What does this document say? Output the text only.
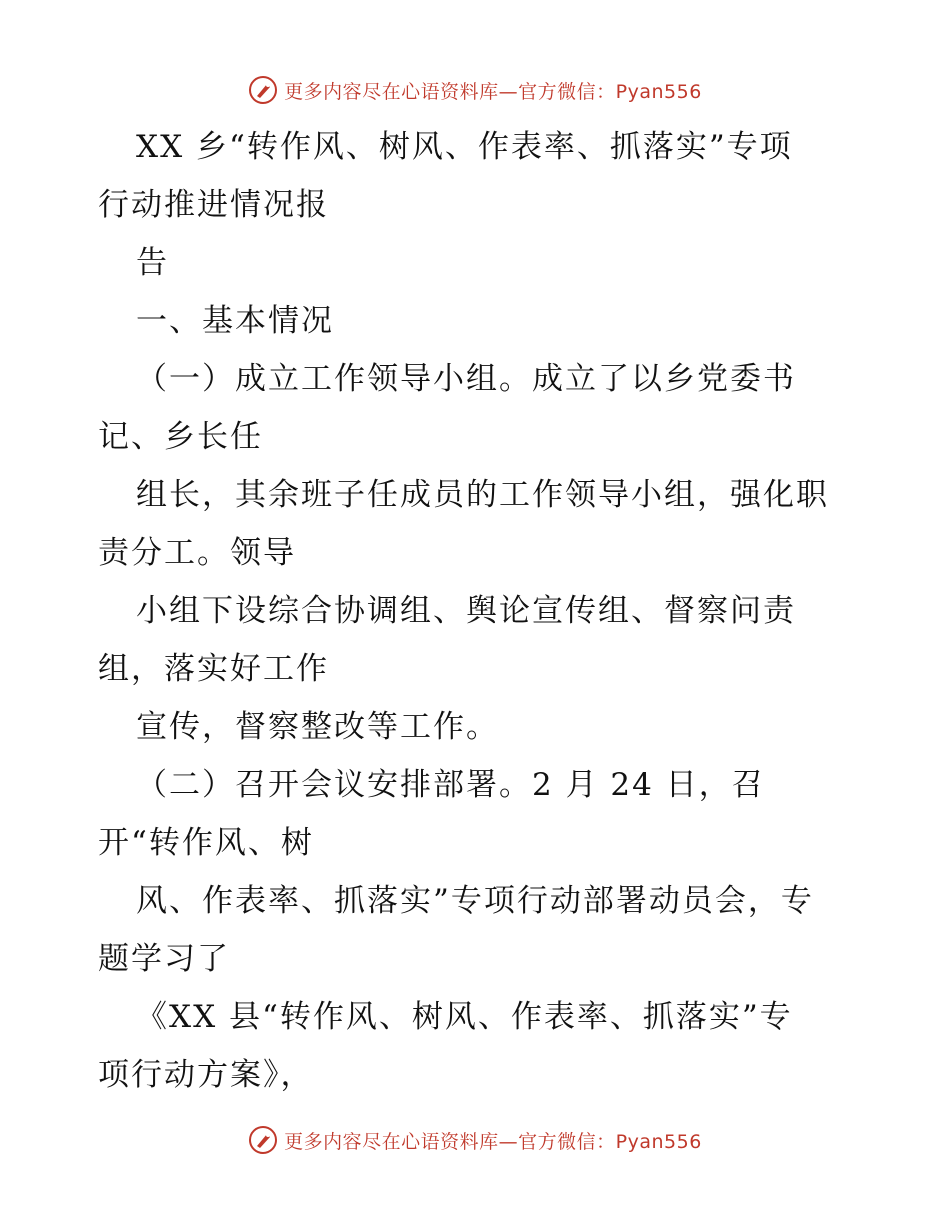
更多内容尽在心语资料库—官方微信：Pyan556
XX 乡“转作风、树风、作表率、抓落实”专项
行动推进情况报
告
一、基本情况
（一）成立工作领导小组。成立了以乡党委书
记、乡长任
组长，其余班子任成员的工作领导小组，强化职
责分工。领导
小组下设综合协调组、舆论宣传组、督察问责
组，落实好工作
宣传，督察整改等工作。
（二）召开会议安排部署。2 月 24 日，召
开“转作风、树
风、作表率、抓落实”专项行动部署动员会，专
题学习了
《XX 县“转作风、树风、作表率、抓落实”专
项行动方案》，
更多内容尽在心语资料库—官方微信：Pyan556
